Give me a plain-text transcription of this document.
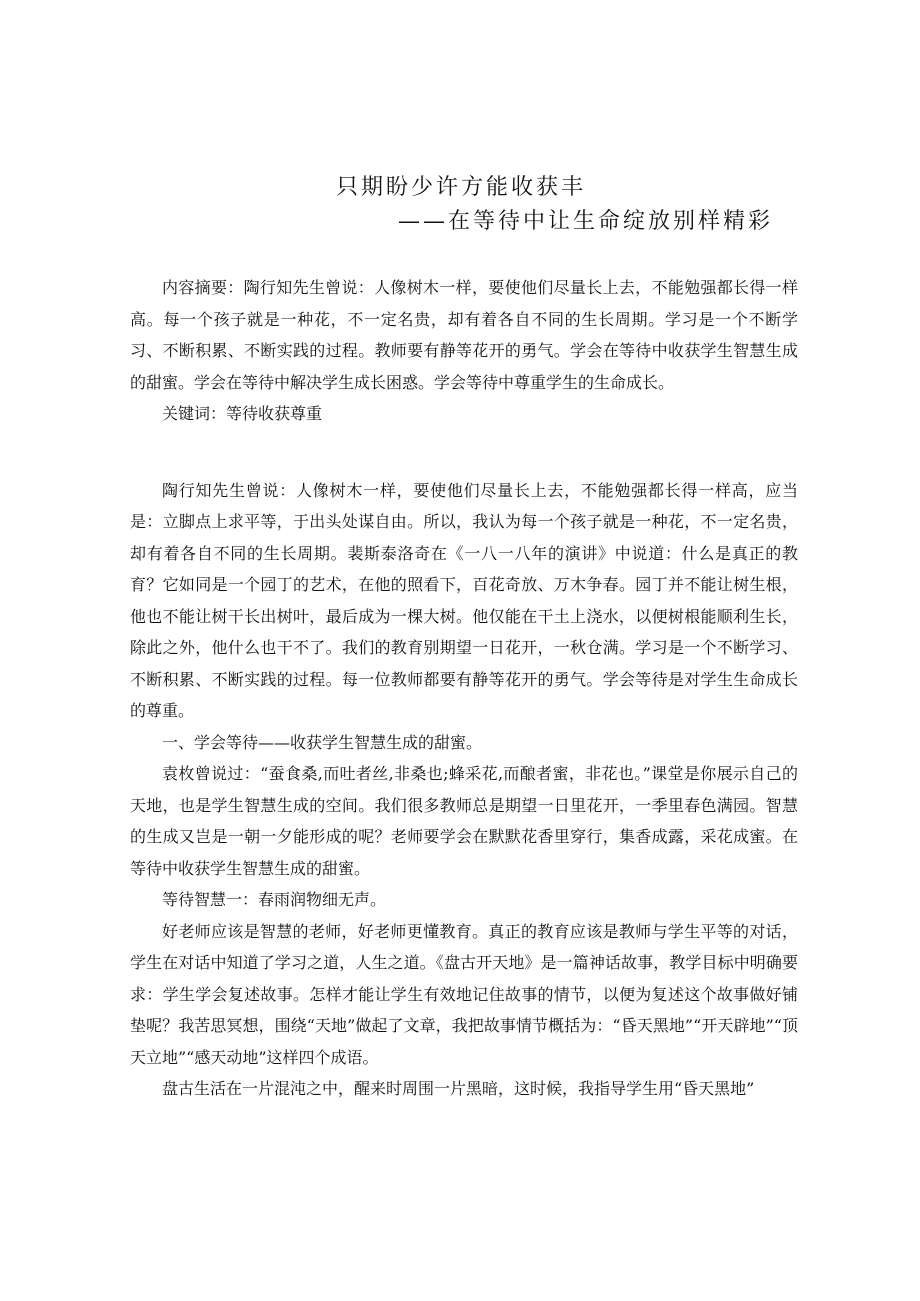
只期盼少许方能收获丰
——在等待中让生命绽放别样精彩

内容摘要：陶行知先生曾说：人像树木一样，要使他们尽量长上去，不能勉强都长得一样高。每一个孩子就是一种花，不一定名贵，却有着各自不同的生长周期。学习是一个不断学习、不断积累、不断实践的过程。教师要有静等花开的勇气。学会在等待中收获学生智慧生成的甜蜜。学会在等待中解决学生成长困惑。学会等待中尊重学生的生命成长。

关键词：等待收获尊重

陶行知先生曾说：人像树木一样，要使他们尽量长上去，不能勉强都长得一样高，应当是：立脚点上求平等，于出头处谋自由。所以，我认为每一个孩子就是一种花，不一定名贵，却有着各自不同的生长周期。裴斯泰洛奇在《一八一八年的演讲》中说道：什么是真正的教育？它如同是一个园丁的艺术，在他的照看下，百花奇放、万木争春。园丁并不能让树生根，他也不能让树干长出树叶，最后成为一棵大树。他仅能在干土上浇水，以便树根能顺利生长，除此之外，他什么也干不了。我们的教育别期望一日花开，一秋仓满。学习是一个不断学习、不断积累、不断实践的过程。每一位教师都要有静等花开的勇气。学会等待是对学生生命成长的尊重。

一、学会等待——收获学生智慧生成的甜蜜。

袁枚曾说过：“蚕食桑,而吐者丝,非桑也;蜂采花,而酿者蜜，非花也。”课堂是你展示自己的天地，也是学生智慧生成的空间。我们很多教师总是期望一日里花开，一季里春色满园。智慧的生成又岂是一朝一夕能形成的呢？老师要学会在默默花香里穿行，集香成露，采花成蜜。在等待中收获学生智慧生成的甜蜜。

等待智慧一：春雨润物细无声。

好老师应该是智慧的老师，好老师更懂教育。真正的教育应该是教师与学生平等的对话，学生在对话中知道了学习之道，人生之道。《盘古开天地》是一篇神话故事，教学目标中明确要求：学生学会复述故事。怎样才能让学生有效地记住故事的情节，以便为复述这个故事做好铺垫呢？我苦思冥想，围绕“天地”做起了文章，我把故事情节概括为：“昏天黑地”“开天辟地”“顶天立地”“感天动地”这样四个成语。

盘古生活在一片混沌之中，醒来时周围一片黑暗，这时候，我指导学生用“昏天黑地”
